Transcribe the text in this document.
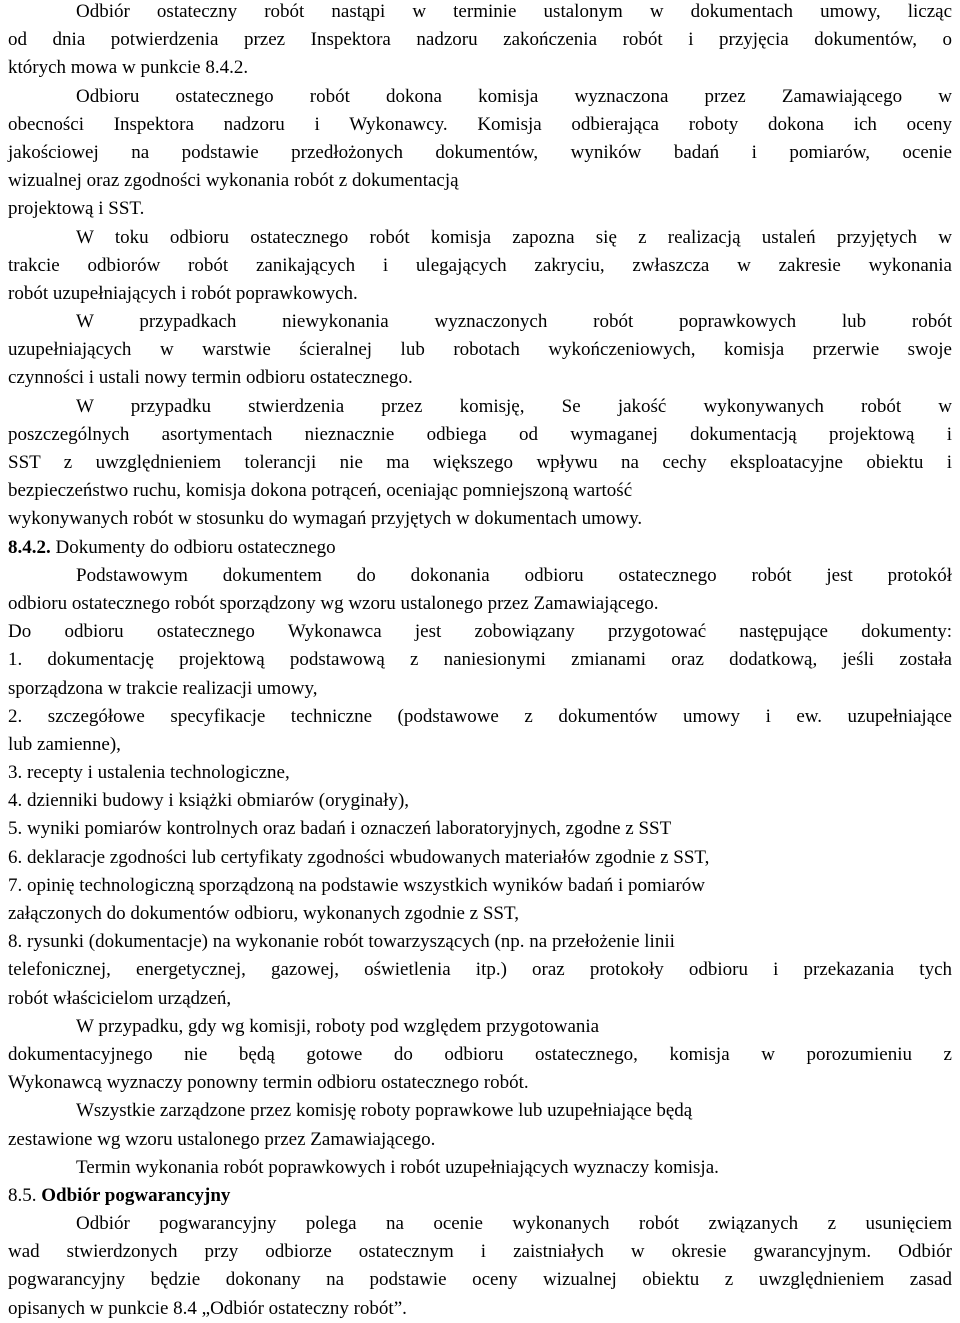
Odbiór ostateczny robót nastąpi w terminie ustalonym w dokumentach umowy, licząc
od dnia potwierdzenia przez Inspektora nadzoru zakończenia robót i przyjęcia dokumentów, o
których mowa w punkcie 8.4.2.
Odbioru ostatecznego robót dokona komisja wyznaczona przez Zamawiającego w
obecności Inspektora nadzoru i Wykonawcy. Komisja odbierająca roboty dokona ich oceny
jakościowej na podstawie przedłożonych dokumentów, wyników badań i pomiarów, ocenie
wizualnej oraz zgodności wykonania robót z dokumentacją
projektową i SST.
W toku odbioru ostatecznego robót komisja zapozna się z realizacją ustaleń przyjętych w
trakcie odbiorów robót zanikających i ulegających zakryciu, zwłaszcza w zakresie wykonania
robót uzupełniających i robót poprawkowych.
W przypadkach niewykonania wyznaczonych robót poprawkowych lub robót
uzupełniających w warstwie ścieralnej lub robotach wykończeniowych, komisja przerwie swoje
czynności i ustali nowy termin odbioru ostatecznego.
W przypadku stwierdzenia przez komisję, Se jakość wykonywanych robót w
poszczególnych asortymentach nieznacznie odbiega od wymaganej dokumentacją projektową i
SST z uwzględnieniem tolerancji nie ma większego wpływu na cechy eksploatacyjne obiektu i
bezpieczeństwo ruchu, komisja dokona potrąceń, oceniając pomniejszoną wartość
wykonywanych robót w stosunku do wymagań przyjętych w dokumentach umowy.
8.4.2. Dokumenty do odbioru ostatecznego
Podstawowym dokumentem do dokonania odbioru ostatecznego robót jest protokół
odbioru ostatecznego robót sporządzony wg wzoru ustalonego przez Zamawiającego.
Do odbioru ostatecznego Wykonawca jest zobowiązany przygotować następujące dokumenty:
1. dokumentację projektową podstawową z naniesionymi zmianami oraz dodatkową, jeśli została
sporządzona w trakcie realizacji umowy,
2. szczegółowe specyfikacje techniczne (podstawowe z dokumentów umowy i ew. uzupełniające
lub zamienne),
3. recepty i ustalenia technologiczne,
4. dzienniki budowy i książki obmiarów (oryginały),
5. wyniki pomiarów kontrolnych oraz badań i oznaczeń laboratoryjnych, zgodne z SST
6. deklaracje zgodności lub certyfikaty zgodności wbudowanych materiałów zgodnie z SST,
7. opinię technologiczną sporządzoną na podstawie wszystkich wyników badań i pomiarów
załączonych do dokumentów odbioru, wykonanych zgodnie z SST,
8. rysunki (dokumentacje) na wykonanie robót towarzyszących (np. na przełożenie linii
telefonicznej, energetycznej, gazowej, oświetlenia itp.) oraz protokoły odbioru i przekazania tych
robót właścicielom urządzeń,
W przypadku, gdy wg komisji, roboty pod względem przygotowania
dokumentacyjnego nie będą gotowe do odbioru ostatecznego, komisja w porozumieniu z
Wykonawcą wyznaczy ponowny termin odbioru ostatecznego robót.
Wszystkie zarządzone przez komisję roboty poprawkowe lub uzupełniające będą
zestawione wg wzoru ustalonego przez Zamawiającego.
Termin wykonania robót poprawkowych i robót uzupełniających wyznaczy komisja.
8.5. Odbiór pogwarancyjny
Odbiór pogwarancyjny polega na ocenie wykonanych robót związanych z usunięciem
wad stwierdzonych przy odbiorze ostatecznym i zaistniałych w okresie gwarancyjnym. Odbiór
pogwarancyjny będzie dokonany na podstawie oceny wizualnej obiektu z uwzględnieniem zasad
opisanych w punkcie 8.4 „Odbiór ostateczny robót”.
